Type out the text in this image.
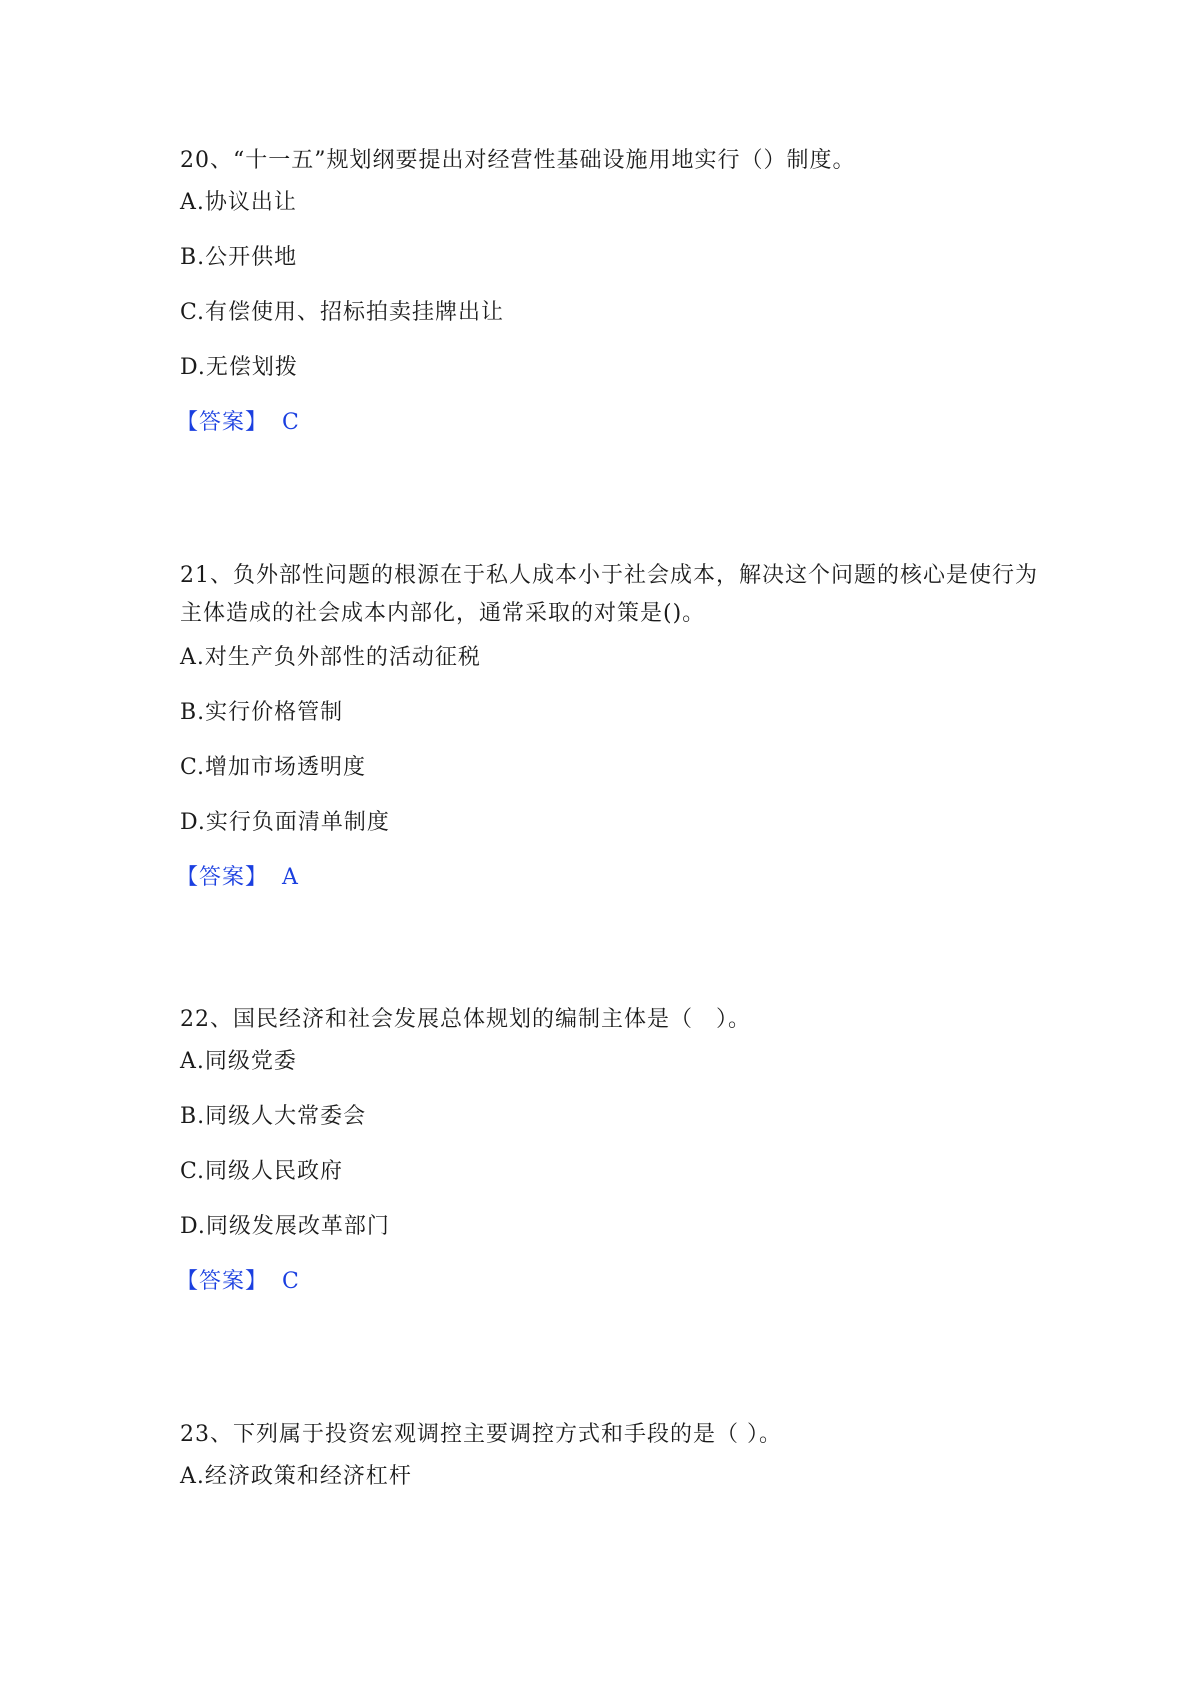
20、“十一五”规划纲要提出对经营性基础设施用地实行（）制度。

A.协议出让

B.公开供地

C.有偿使用、招标拍卖挂牌出让

D.无偿划拨

【答案】 C

21、负外部性问题的根源在于私人成本小于社会成本，解决这个问题的核心是使行为主体造成的社会成本内部化，通常采取的对策是()。

A.对生产负外部性的活动征税

B.实行价格管制

C.增加市场透明度

D.实行负面清单制度

【答案】 A

22、国民经济和社会发展总体规划的编制主体是（　）。

A.同级党委

B.同级人大常委会

C.同级人民政府

D.同级发展改革部门

【答案】 C

23、下列属于投资宏观调控主要调控方式和手段的是（ ）。

A.经济政策和经济杠杆
